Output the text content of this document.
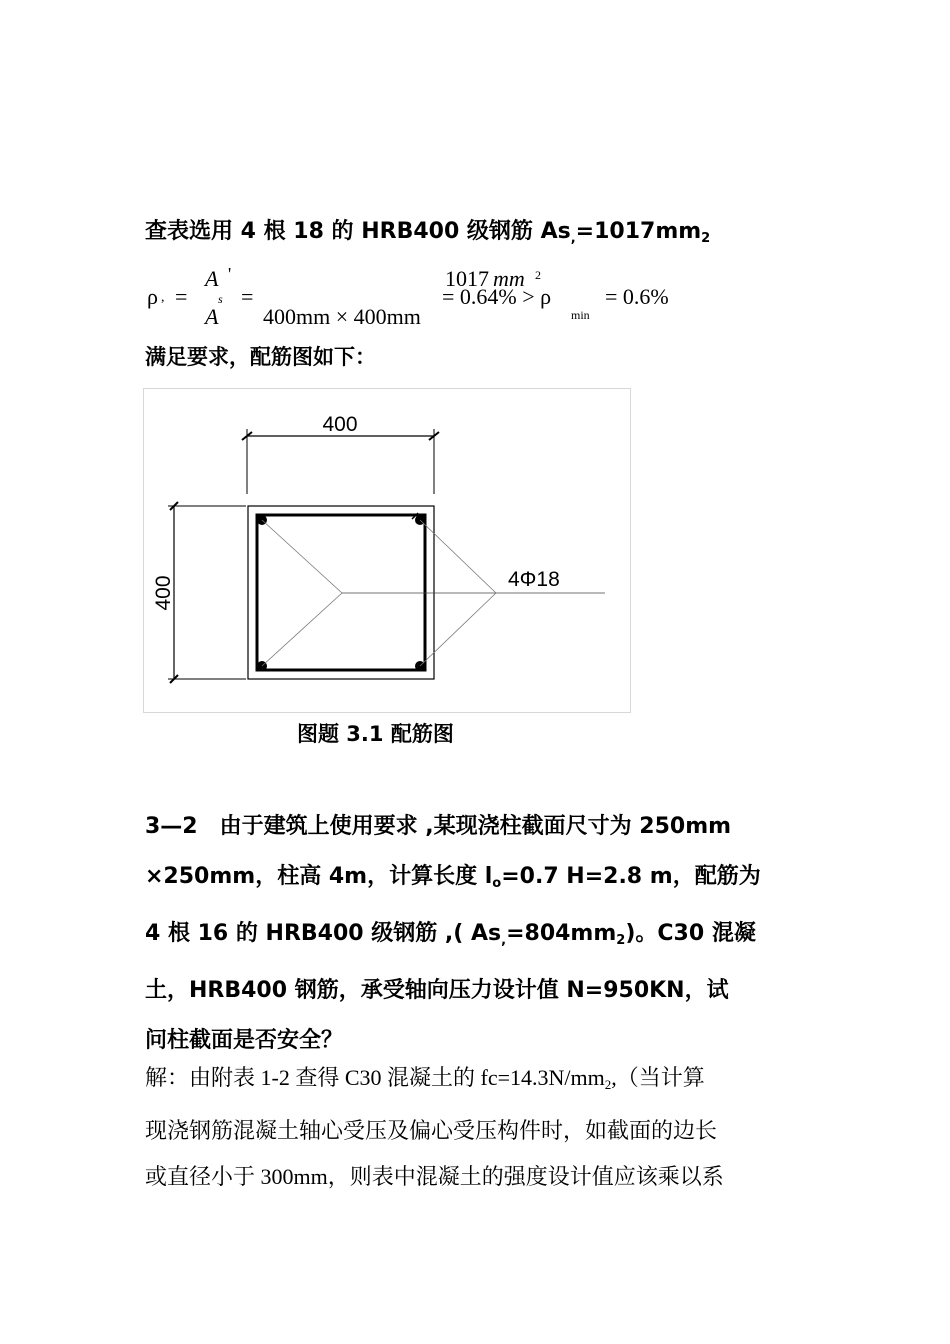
查表选用 4 根 18 的 HRB400 级钢筋 $As_,=1017mm_2$
ρ , =
A '
s
A
=
1017 mm 2
400mm × 400mm
= 0.64% > ρ
min
= 0.6%
满足要求，配筋图如下：
400
400	4Φ18
图题 3.1 配筋图

3—2　由于建筑上使用要求 ,某现浇柱截面尺寸为 250mm

×250mm，柱高 4m，计算长度 $l_o=0.7$ H=2.8 m，配筋为

4 根 16 的 HRB400 级钢筋 ,( $As_,=804mm_2$)。C30 混凝

土，HRB400 钢筋，承受轴向压力设计值 N=950KN，试

问柱截面是否安全？

解：由附表 1-2 查得 C30 混凝土的 $fc=14.3N/mm_2$,（当计算

现浇钢筋混凝土轴心受压及偏心受压构件时，如截面的边长

或直径小于 300mm，则表中混凝土的强度设计值应该乘以系
